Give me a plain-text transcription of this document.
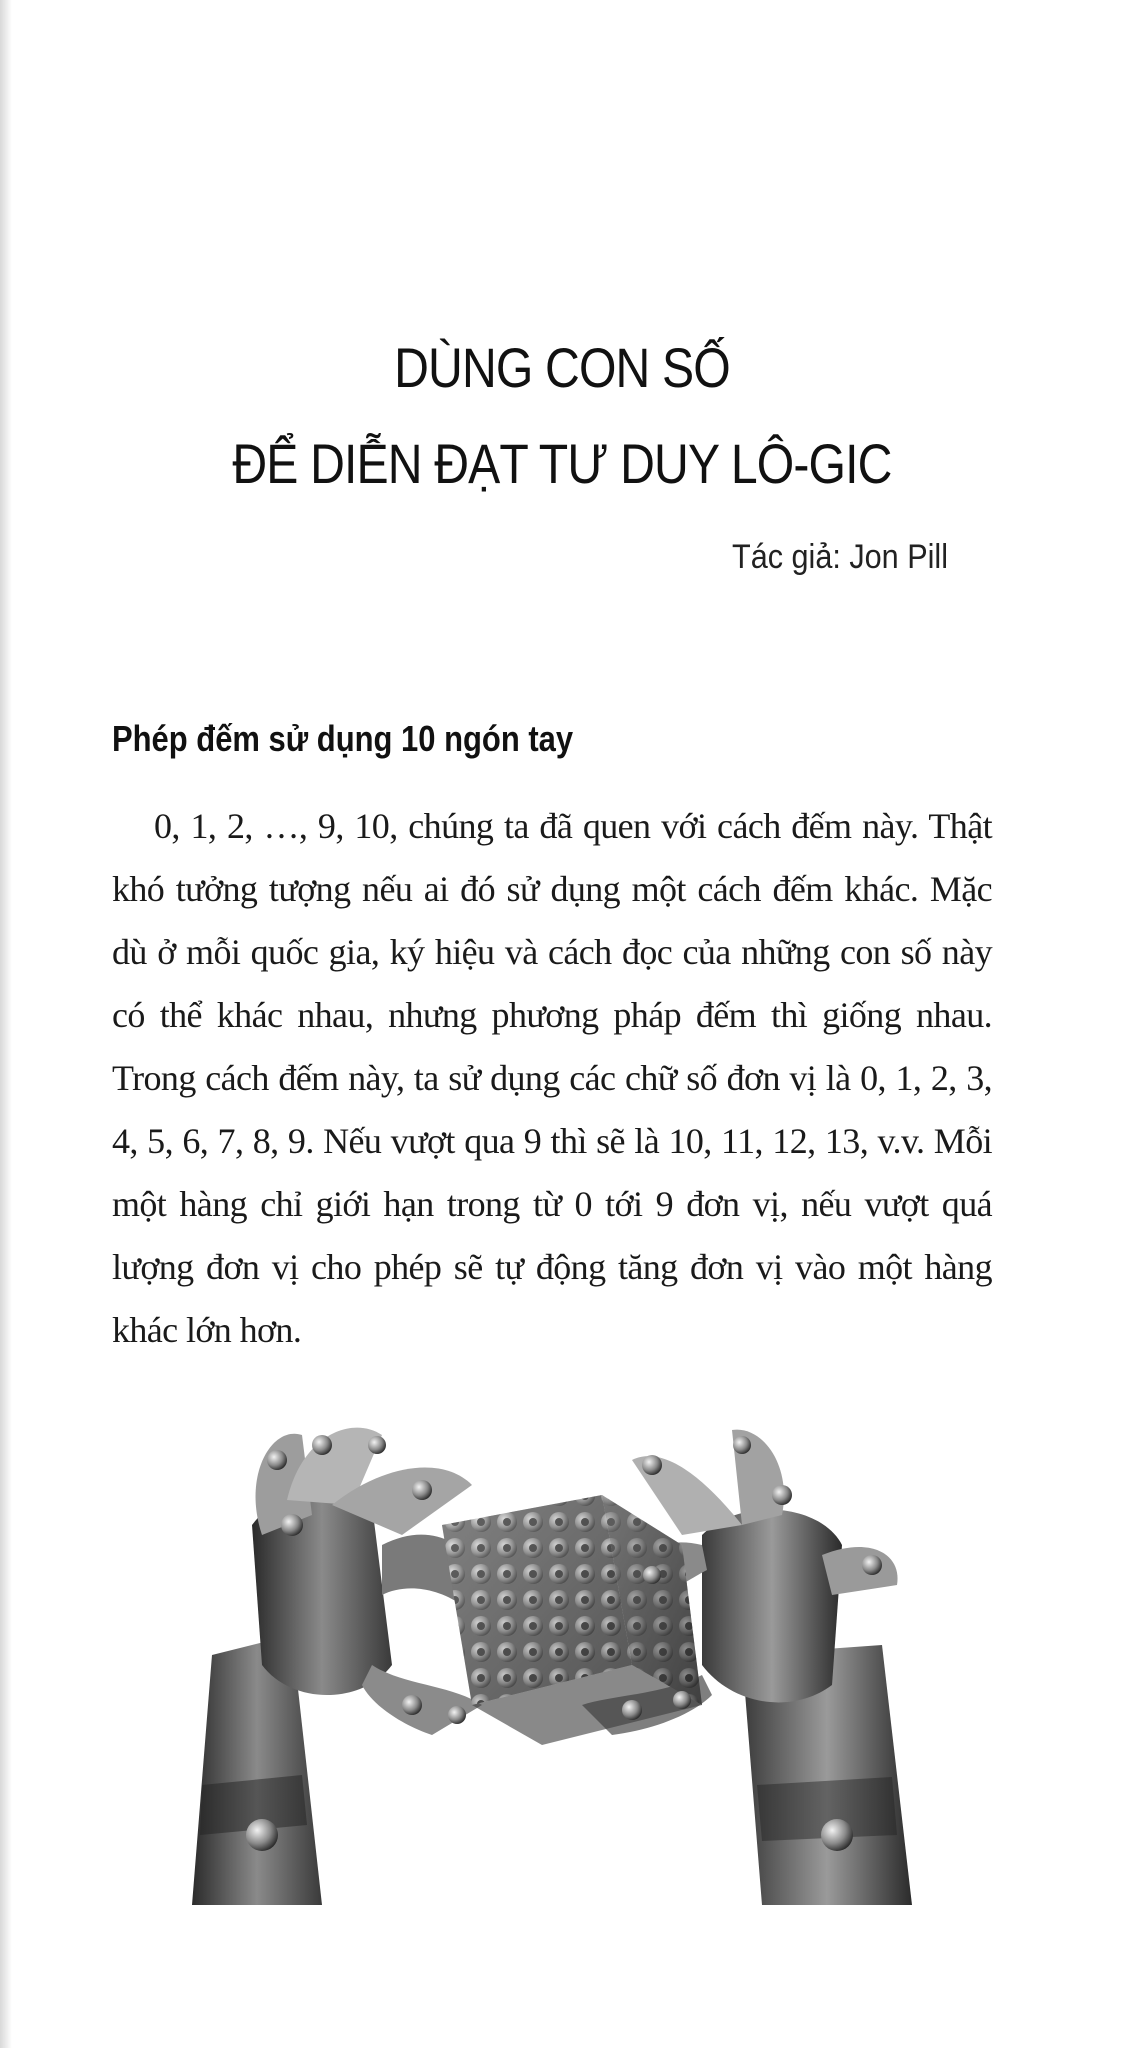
DÙNG CON SỐ
ĐỂ DIỄN ĐẠT TƯ DUY LÔ-GIC
Tác giả: Jon Pill
Phép đếm sử dụng 10 ngón tay

0, 1, 2, …, 9, 10, chúng ta đã quen với cách đếm này. Thật khó tưởng tượng nếu ai đó sử dụng một cách đếm khác. Mặc dù ở mỗi quốc gia, ký hiệu và cách đọc của những con số này có thể khác nhau, nhưng phương pháp đếm thì giống nhau. Trong cách đếm này, ta sử dụng các chữ số đơn vị là 0, 1, 2, 3, 4, 5, 6, 7, 8, 9. Nếu vượt qua 9 thì sẽ là 10, 11, 12, 13, v.v. Mỗi một hàng chỉ giới hạn trong từ 0 tới 9 đơn vị, nếu vượt quá lượng đơn vị cho phép sẽ tự động tăng đơn vị vào một hàng khác lớn hơn.
